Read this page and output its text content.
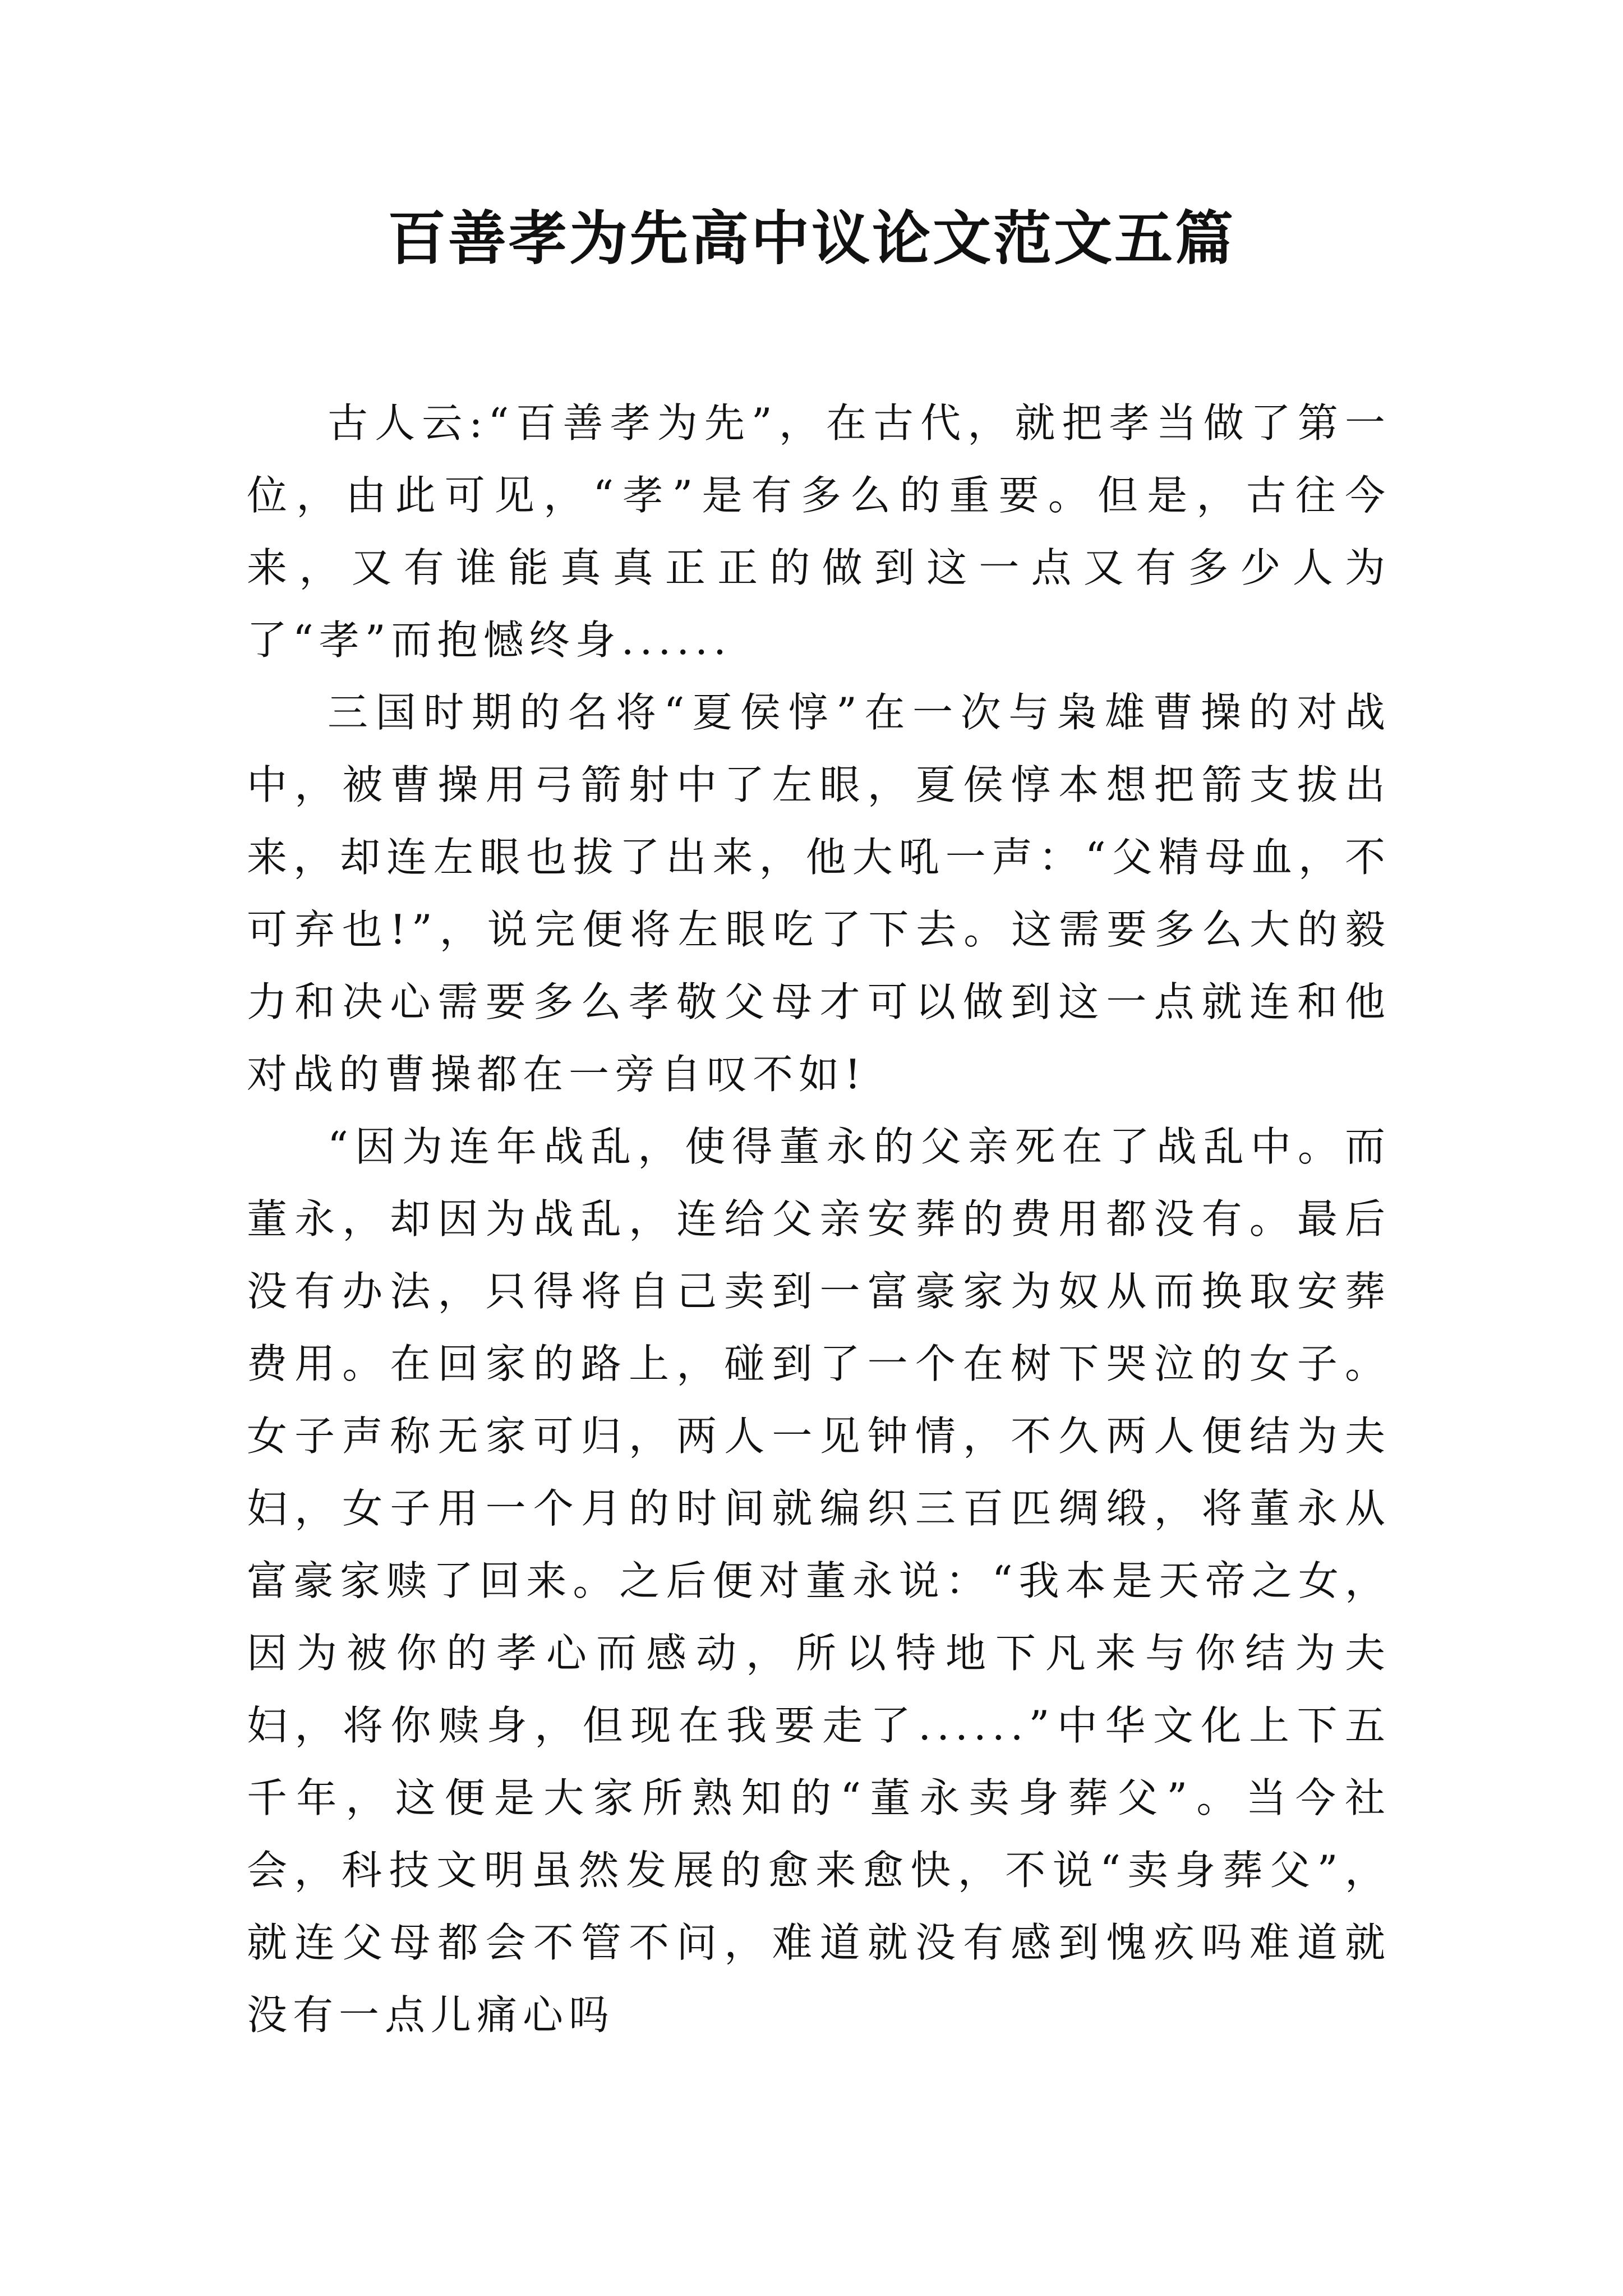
百善孝为先高中议论文范文五篇

古人云:“百善孝为先”，在古代，就把孝当做了第一位，由此可见，“孝”是有多么的重要。但是，古往今来，又有谁能真真正正的做到这一点又有多少人为了“孝”而抱憾终身......

三国时期的名将“夏侯惇”在一次与枭雄曹操的对战中，被曹操用弓箭射中了左眼，夏侯惇本想把箭支拔出来，却连左眼也拔了出来，他大吼一声：“父精母血，不可弃也!”，说完便将左眼吃了下去。这需要多么大的毅力和决心需要多么孝敬父母才可以做到这一点就连和他对战的曹操都在一旁自叹不如!

“因为连年战乱，使得董永的父亲死在了战乱中。而董永，却因为战乱，连给父亲安葬的费用都没有。最后没有办法，只得将自己卖到一富豪家为奴从而换取安葬费用。在回家的路上，碰到了一个在树下哭泣的女子。女子声称无家可归，两人一见钟情，不久两人便结为夫妇，女子用一个月的时间就编织三百匹绸缎，将董永从富豪家赎了回来。之后便对董永说：“我本是天帝之女，因为被你的孝心而感动，所以特地下凡来与你结为夫妇，将你赎身，但现在我要走了......”中华文化上下五千年，这便是大家所熟知的“董永卖身葬父”。当今社会，科技文明虽然发展的愈来愈快，不说“卖身葬父”，就连父母都会不管不问，难道就没有感到愧疚吗难道就没有一点儿痛心吗
